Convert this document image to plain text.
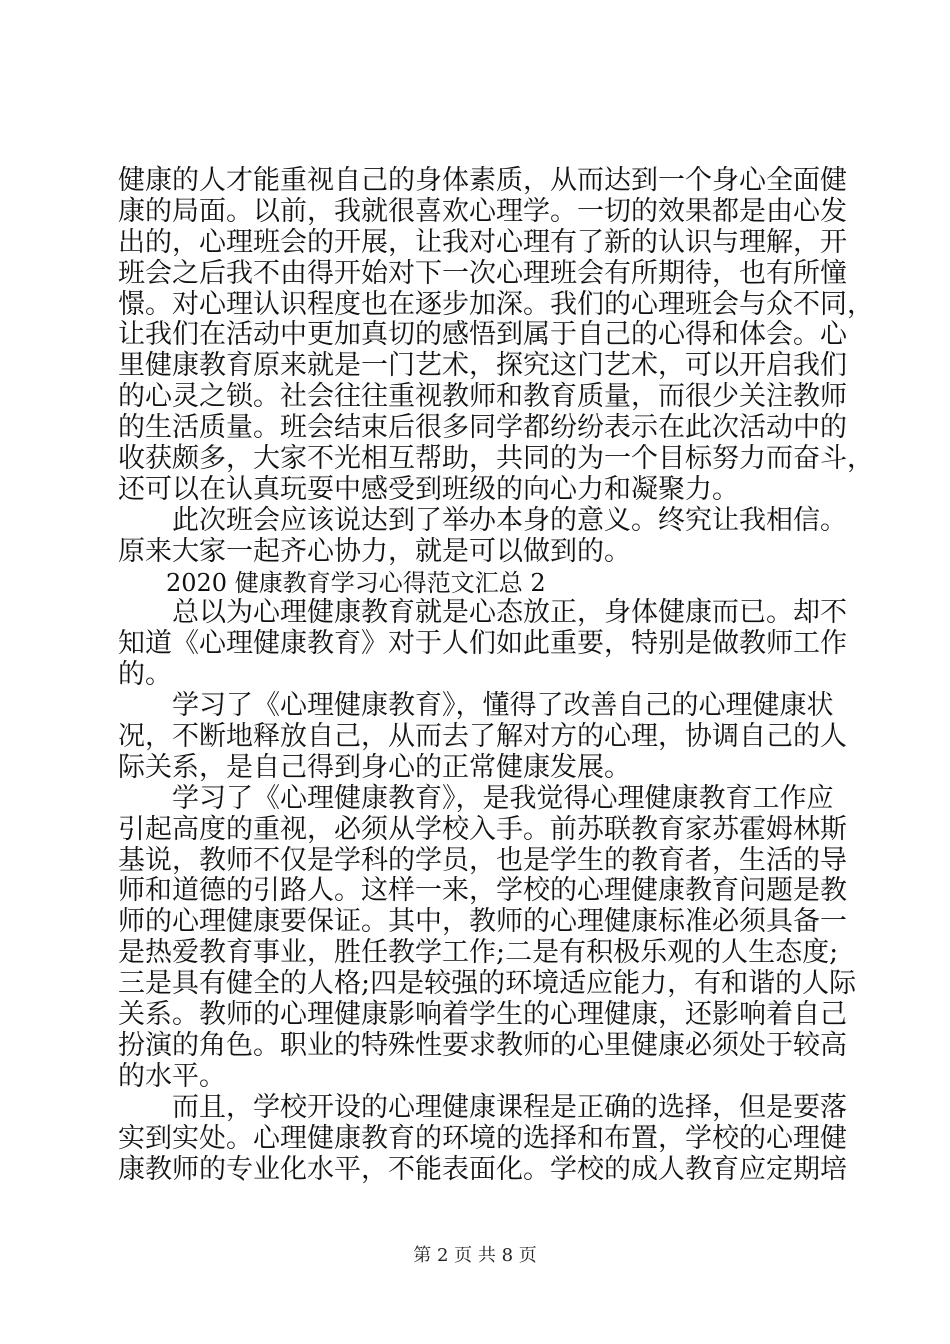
健康的人才能重视自己的身体素质，从而达到一个身心全面健
康的局面。以前，我就很喜欢心理学。一切的效果都是由心发
出的，心理班会的开展，让我对心理有了新的认识与理解，开
班会之后我不由得开始对下一次心理班会有所期待，也有所憧
憬。对心理认识程度也在逐步加深。我们的心理班会与众不同，
让我们在活动中更加真切的感悟到属于自己的心得和体会。心
里健康教育原来就是一门艺术，探究这门艺术，可以开启我们
的心灵之锁。社会往往重视教师和教育质量，而很少关注教师
的生活质量。班会结束后很多同学都纷纷表示在此次活动中的
收获颇多，大家不光相互帮助，共同的为一个目标努力而奋斗，
还可以在认真玩耍中感受到班级的向心力和凝聚力。
　　此次班会应该说达到了举办本身的意义。终究让我相信。
原来大家一起齐心协力，就是可以做到的。
　　2020 健康教育学习心得范文汇总 2
　　总以为心理健康教育就是心态放正，身体健康而已。却不
知道《心理健康教育》对于人们如此重要，特别是做教师工作
的。
　　学习了《心理健康教育》，懂得了改善自己的心理健康状
况，不断地释放自己，从而去了解对方的心理，协调自己的人
际关系，是自己得到身心的正常健康发展。
　　学习了《心理健康教育》，是我觉得心理健康教育工作应
引起高度的重视，必须从学校入手。前苏联教育家苏霍姆林斯
基说，教师不仅是学科的学员，也是学生的教育者，生活的导
师和道德的引路人。这样一来，学校的心理健康教育问题是教
师的心理健康要保证。其中，教师的心理健康标准必须具备一
是热爱教育事业，胜任教学工作;二是有积极乐观的人生态度;
三是具有健全的人格;四是较强的环境适应能力，有和谐的人际
关系。教师的心理健康影响着学生的心理健康，还影响着自己
扮演的角色。职业的特殊性要求教师的心里健康必须处于较高
的水平。
　　而且，学校开设的心理健康课程是正确的选择，但是要落
实到实处。心理健康教育的环境的选择和布置，学校的心理健
康教师的专业化水平，不能表面化。学校的成人教育应定期培
第 2 页 共 8 页
